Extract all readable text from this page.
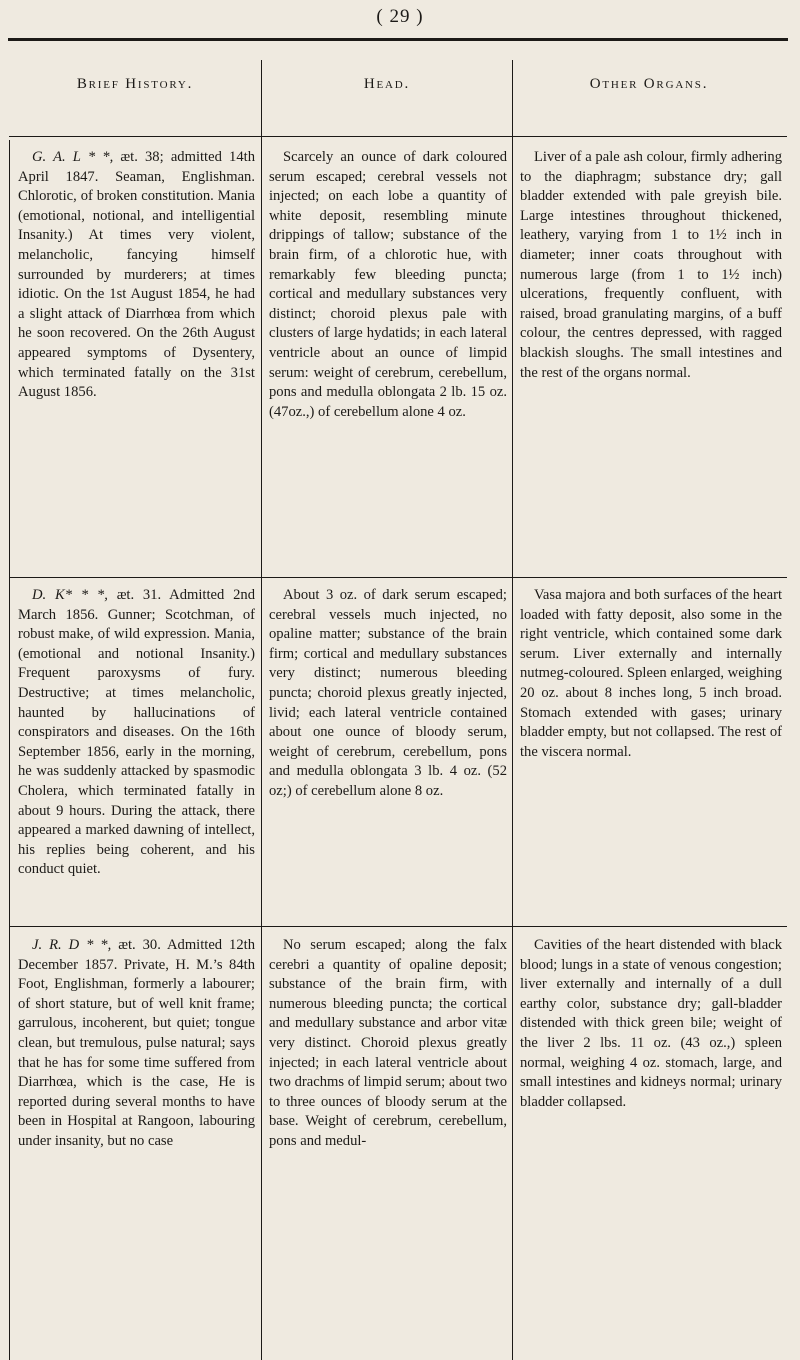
( 29 )
Brief History.	Head.	Other Organs.

G. A. L * *, æt. 38; admitted 14th April 1847. Seaman, Englishman. Chlorotic, of broken constitution. Mania (emotional, notional, and intelligential Insanity.) At times very violent, melancholic, fancying himself surrounded by murderers; at times idiotic. On the 1st August 1854, he had a slight attack of Diarrhœa from which he soon recovered. On the 26th August appeared symptoms of Dysentery, which terminated fatally on the 31st August 1856.

Scarcely an ounce of dark coloured serum escaped; cerebral vessels not injected; on each lobe a quantity of white deposit, resembling minute drippings of tallow; substance of the brain firm, of a chlorotic hue, with remarkably few bleeding puncta; cortical and medullary substances very distinct; choroid plexus pale with clusters of large hydatids; in each lateral ventricle about an ounce of limpid serum: weight of cerebrum, cerebellum, pons and medulla oblongata 2 lb. 15 oz. (47oz.,) of cerebellum alone 4 oz.

Liver of a pale ash colour, firmly adhering to the diaphragm; substance dry; gall bladder extended with pale greyish bile. Large intestines throughout thickened, leathery, varying from 1 to 1½ inch in diameter; inner coats throughout with numerous large (from 1 to 1½ inch) ulcerations, frequently confluent, with raised, broad granulating margins, of a buff colour, the centres depressed, with ragged blackish sloughs. The small intestines and the rest of the organs normal.

D. K* * *, æt. 31. Admitted 2nd March 1856. Gunner; Scotchman, of robust make, of wild expression. Mania, (emotional and notional Insanity.) Frequent paroxysms of fury. Destructive; at times melancholic, haunted by hallucinations of conspirators and diseases. On the 16th September 1856, early in the morning, he was suddenly attacked by spasmodic Cholera, which terminated fatally in about 9 hours. During the attack, there appeared a marked dawning of intellect, his replies being coherent, and his conduct quiet.

About 3 oz. of dark serum escaped; cerebral vessels much injected, no opaline matter; substance of the brain firm; cortical and medullary substances very distinct; numerous bleeding puncta; choroid plexus greatly injected, livid; each lateral ventricle contained about one ounce of bloody serum, weight of cerebrum, cerebellum, pons and medulla oblongata 3 lb. 4 oz. (52 oz;) of cerebellum alone 8 oz.

Vasa majora and both surfaces of the heart loaded with fatty deposit, also some in the right ventricle, which contained some dark serum. Liver externally and internally nutmeg-coloured. Spleen enlarged, weighing 20 oz. about 8 inches long, 5 inch broad. Stomach extended with gases; urinary bladder empty, but not collapsed. The rest of the viscera normal.

J. R. D * *, æt. 30. Admitted 12th December 1857. Private, H. M.’s 84th Foot, Englishman, formerly a labourer; of short stature, but of well knit frame; garrulous, incoherent, but quiet; tongue clean, but tremulous, pulse natural; says that he has for some time suffered from Diarrhœa, which is the case, He is reported during several months to have been in Hospital at Rangoon, labouring under insanity, but no case

No serum escaped; along the falx cerebri a quantity of opaline deposit; substance of the brain firm, with numerous bleeding puncta; the cortical and medullary substance and arbor vitæ very distinct. Choroid plexus greatly injected; in each lateral ventricle about two drachms of limpid serum; about two to three ounces of bloody serum at the base. Weight of cerebrum, cerebellum, pons and medul-

Cavities of the heart distended with black blood; lungs in a state of venous congestion; liver externally and internally of a dull earthy color, substance dry; gall-bladder distended with thick green bile; weight of the liver 2 lbs. 11 oz. (43 oz.,) spleen normal, weighing 4 oz. stomach, large, and small intestines and kidneys normal; urinary bladder collapsed.
